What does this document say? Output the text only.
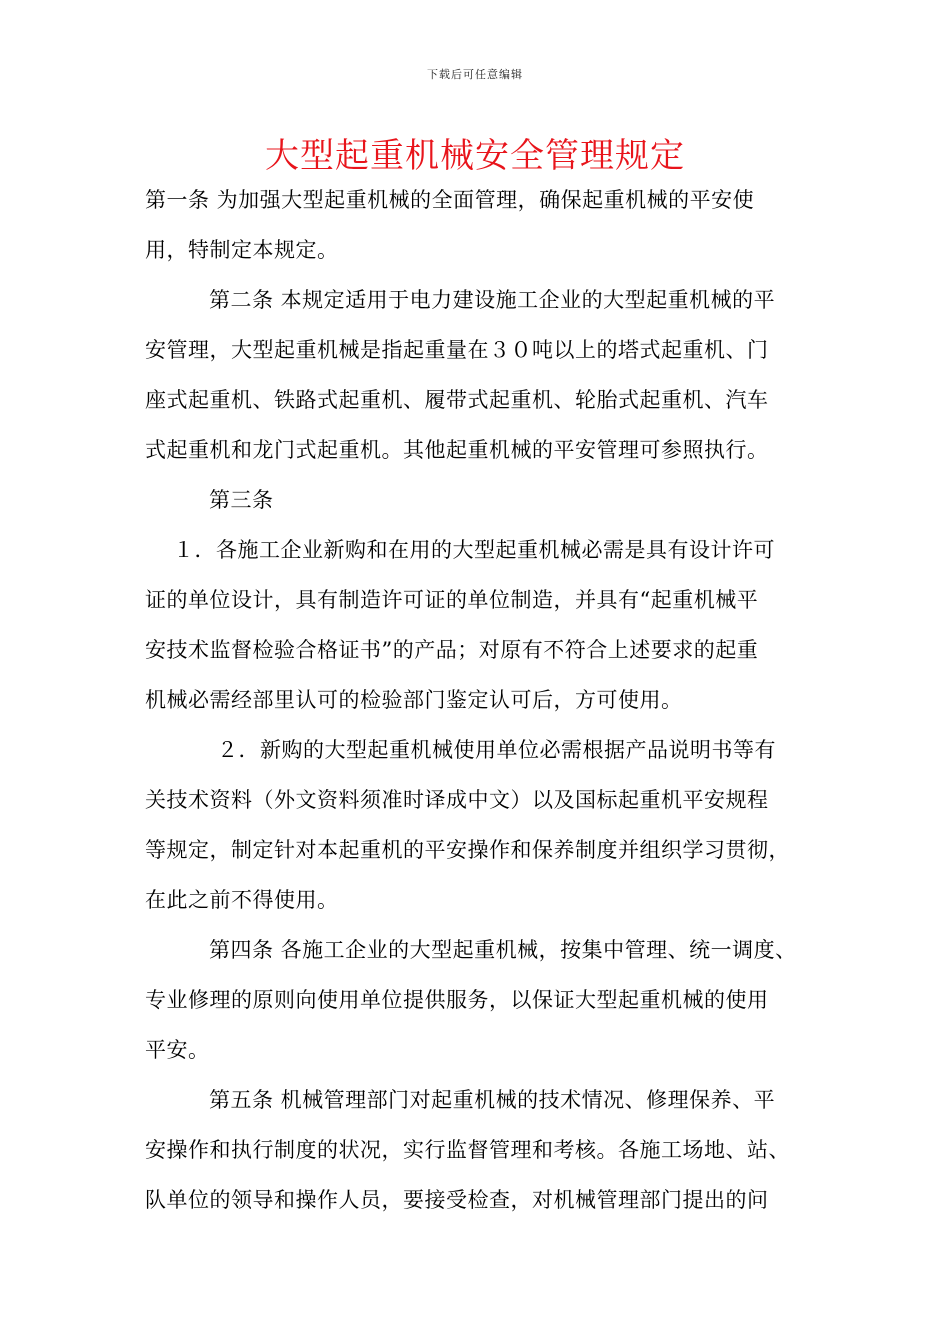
下载后可任意编辑
大型起重机械安全管理规定
第一条 为加强大型起重机械的全面管理，确保起重机械的平安使
用，特制定本规定。
第二条 本规定适用于电力建设施工企业的大型起重机械的平
安管理，大型起重机械是指起重量在３０吨以上的塔式起重机、门
座式起重机、铁路式起重机、履带式起重机、轮胎式起重机、汽车
式起重机和龙门式起重机。其他起重机械的平安管理可参照执行。
第三条
１．各施工企业新购和在用的大型起重机械必需是具有设计许可
证的单位设计，具有制造许可证的单位制造，并具有“起重机械平
安技术监督检验合格证书”的产品；对原有不符合上述要求的起重
机械必需经部里认可的检验部门鉴定认可后，方可使用。
２．新购的大型起重机械使用单位必需根据产品说明书等有
关技术资料（外文资料须准时译成中文）以及国标起重机平安规程
等规定，制定针对本起重机的平安操作和保养制度并组织学习贯彻，
在此之前不得使用。
第四条 各施工企业的大型起重机械，按集中管理、统一调度、
专业修理的原则向使用单位提供服务，以保证大型起重机械的使用
平安。
第五条 机械管理部门对起重机械的技术情况、修理保养、平
安操作和执行制度的状况，实行监督管理和考核。各施工场地、站、
队单位的领导和操作人员，要接受检查，对机械管理部门提出的问
